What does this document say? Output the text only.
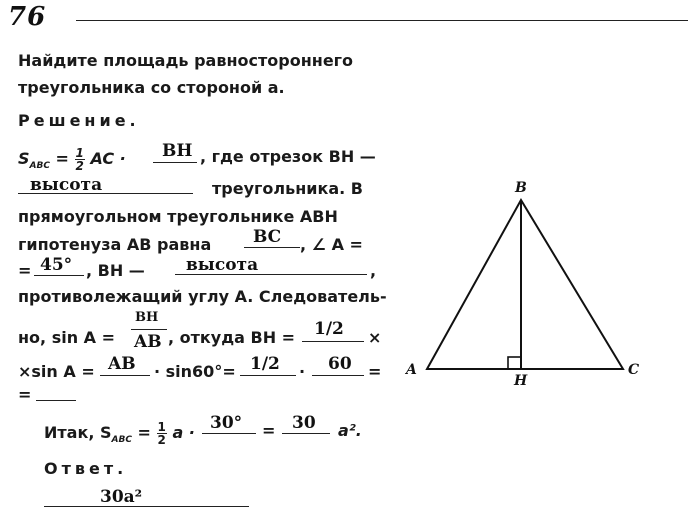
76
Найдите площадь равностороннего
треугольника со стороной a.
Решение.
$S_{ABC} = \frac{1}{2}$ AC · BH , где отрезок BH —
высота	треугольника. В
прямоугольном треугольнике ABH
гипотенуза AB равна BC , ∠ A =
= 45° , BH — высота	,
противолежащий углу A. Следователь-
но, sin A =
BH
AB , откуда BH = 1/2 ×
×sin A = AB · sin60°= 1/2 · 60 =
=
Итак, $S_{ABC} = \frac{1}{2}$ a · 30° = 30 a².
Ответ.
30a²
B
A
H
C
